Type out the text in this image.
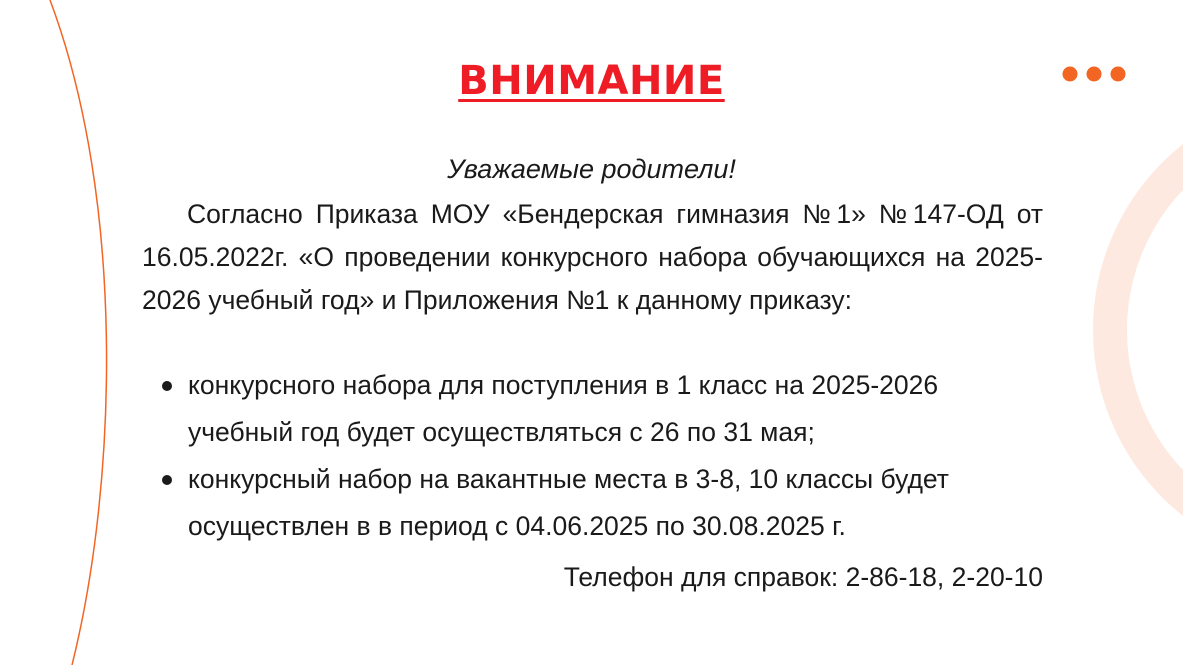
ВНИМАНИЕ
Уважаемые родители!

Согласно Приказа МОУ «Бендерская гимназия №1» №147-ОД от 16.05.2022г. «О проведении конкурсного набора обучающихся на 2025-2026 учебный год» и Приложения №1 к данному приказу:

конкурсного набора для поступления в 1 класс на 2025-2026 учебный год будет осуществляться с 26 по 31 мая;
конкурсный набор на вакантные места в 3-8, 10 классы будет осуществлен в в период с 04.06.2025 по 30.08.2025 г.
Телефон для справок: 2-86-18, 2-20-10
